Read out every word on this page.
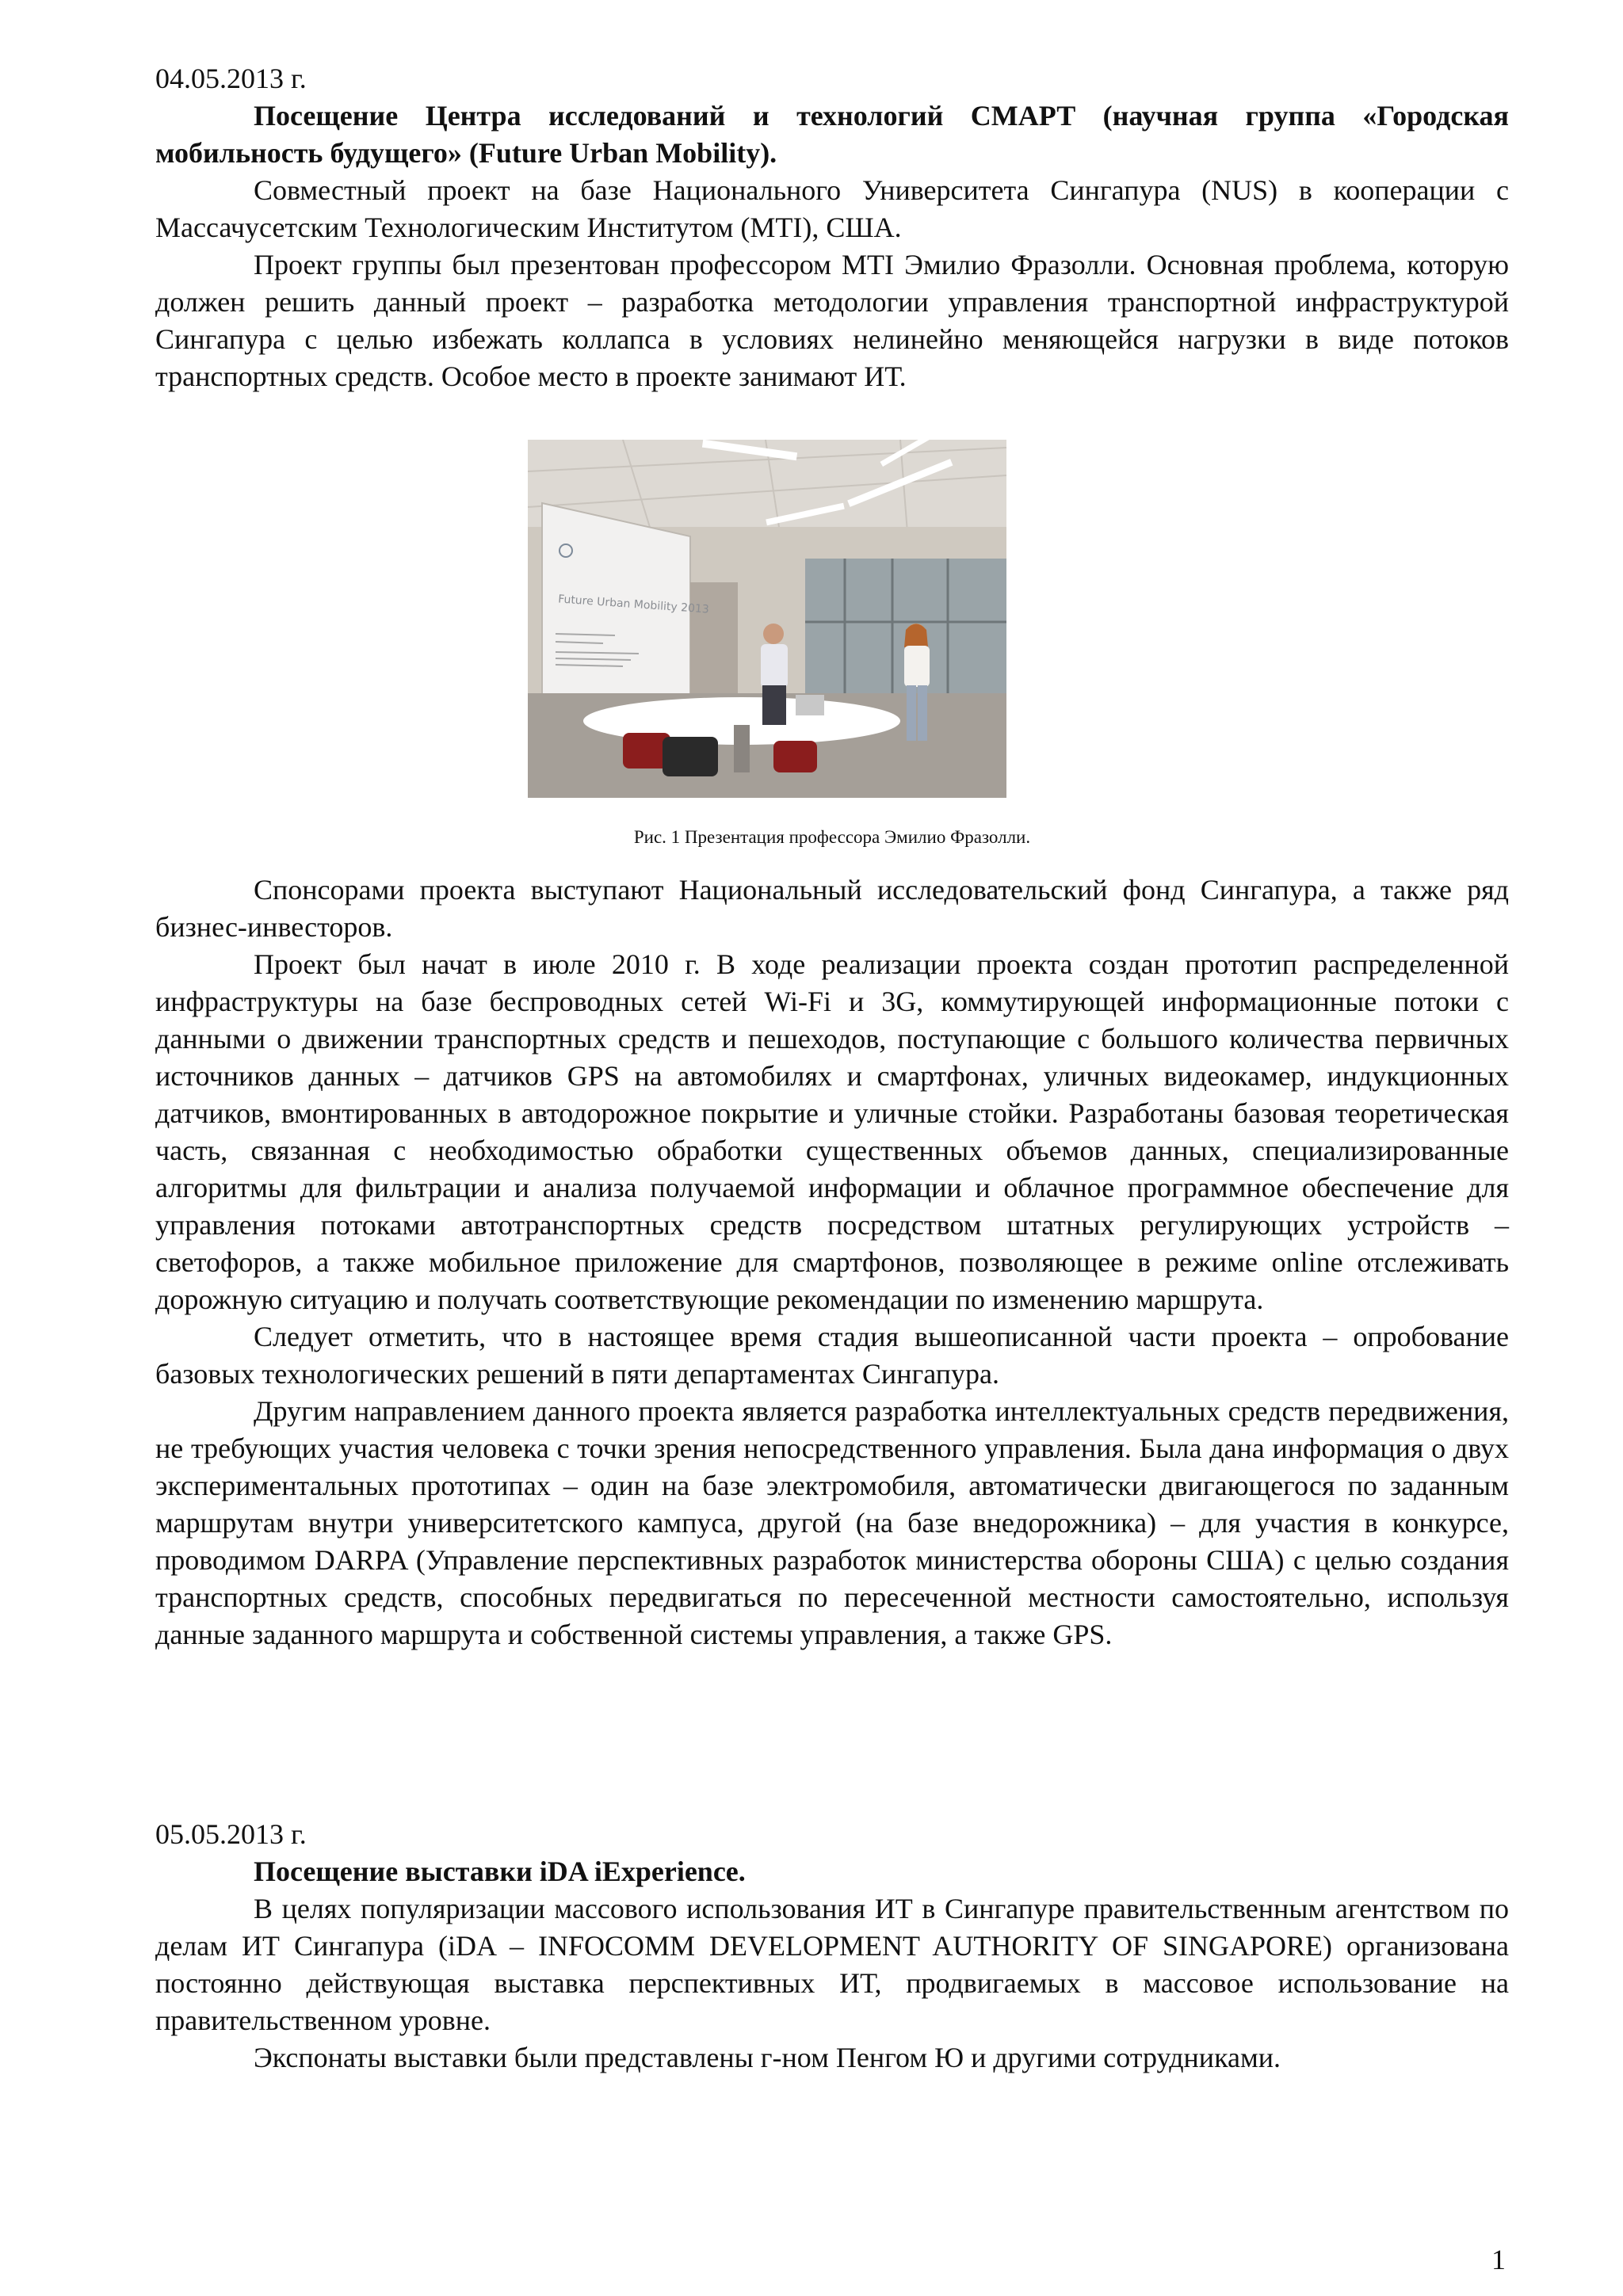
04.05.2013 г.

Посещение Центра исследований и технологий СМАРТ (научная группа «Городская мобильность будущего» (Future Urban Mobility).

Совместный проект на базе Национального Университета Сингапура (NUS) в кооперации с Массачусетским Технологическим Институтом (MTI), США.

Проект группы был презентован профессором MTI Эмилио Фразолли. Основная проблема, которую должен решить данный проект – разработка методологии управления транспортной инфраструктурой Сингапура с целью избежать коллапса в условиях нелинейно меняющейся нагрузки в виде потоков транспортных средств. Особое место в проекте занимают ИТ.

Future Urban Mobility 2013

Рис. 1 Презентация профессора Эмилио Фразолли.

Спонсорами проекта выступают Национальный исследовательский фонд Сингапура, а также ряд бизнес-инвесторов.

Проект был начат в июле 2010 г. В ходе реализации проекта создан прототип распределенной инфраструктуры на базе беспроводных сетей Wi-Fi и 3G, коммутирующей информационные потоки с данными о движении транспортных средств и пешеходов, поступающие с большого количества первичных источников данных – датчиков GPS на автомобилях и смартфонах, уличных видеокамер, индукционных датчиков, вмонтированных в автодорожное покрытие и уличные стойки. Разработаны базовая теоретическая часть, связанная с необходимостью обработки существенных объемов данных, специализированные алгоритмы для фильтрации и анализа получаемой информации и облачное программное обеспечение для управления потоками автотранспортных средств посредством штатных регулирующих устройств – светофоров, а также мобильное приложение для смартфонов, позволяющее в режиме online отслеживать дорожную ситуацию и получать соответствующие рекомендации по изменению маршрута.

Следует отметить, что в настоящее время стадия вышеописанной части проекта – опробование базовых технологических решений в пяти департаментах Сингапура.

Другим направлением данного проекта является разработка интеллектуальных средств передвижения, не требующих участия человека с точки зрения непосредственного управления. Была дана информация о двух экспериментальных прототипах – один на базе электромобиля, автоматически двигающегося по заданным маршрутам внутри университетского кампуса, другой (на базе внедорожника) – для участия в конкурсе, проводимом DARPA (Управление перспективных разработок министерства обороны США) с целью создания транспортных средств, способных передвигаться по пересеченной местности самостоятельно, используя данные заданного маршрута и собственной системы управления, а также GPS.

05.05.2013 г.

Посещение выставки iDA iExperience.

В целях популяризации массового использования ИТ в Сингапуре правительственным агентством по делам ИТ Сингапура (iDA – INFOCOMM DEVELOPMENT AUTHORITY OF SINGAPORE) организована постоянно действующая выставка перспективных ИТ, продвигаемых в массовое использование на правительственном уровне.

Экспонаты выставки были представлены г-ном Пенгом Ю и другими сотрудниками.

1
